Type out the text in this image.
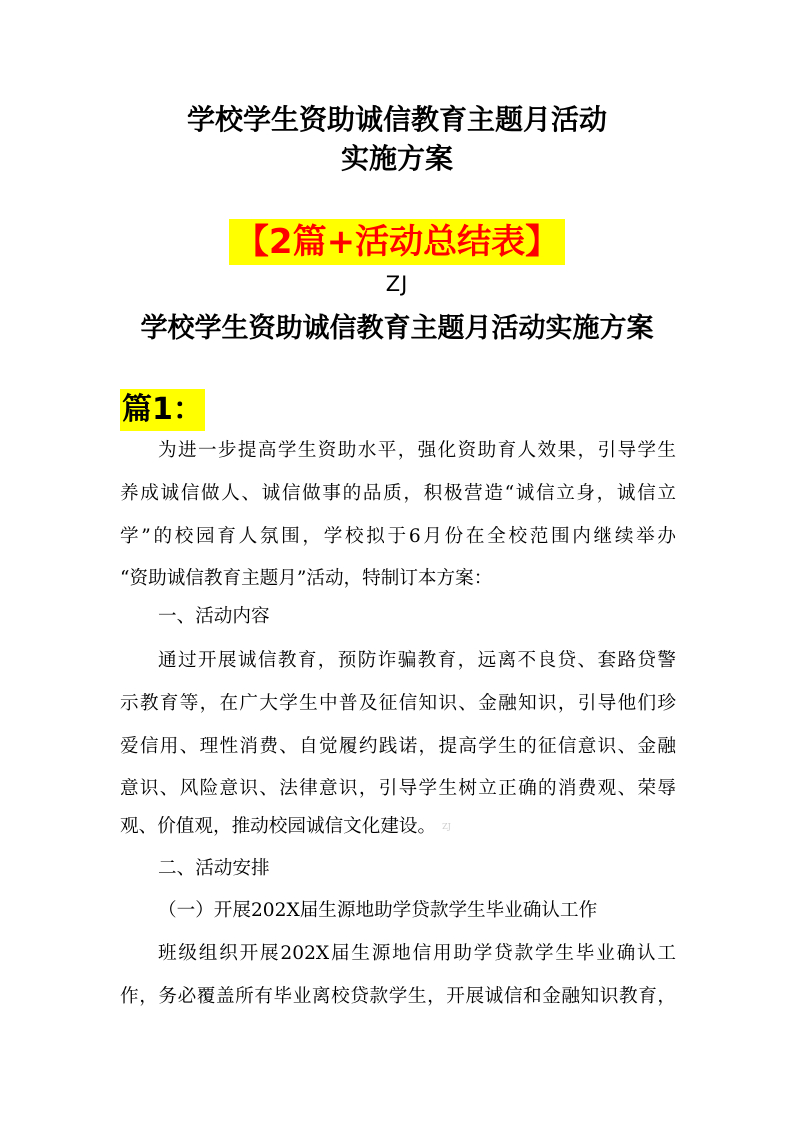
学校学生资助诚信教育主题月活动
实施方案
【2篇+活动总结表】
ZJ
学校学生资助诚信教育主题月活动实施方案
篇1：
为进一步提高学生资助水平，强化资助育人效果，引导学生
养成诚信做人、诚信做事的品质，积极营造“诚信立身，诚信立
学”的校园育人氛围，学校拟于6月份在全校范围内继续举办
“资助诚信教育主题月”活动，特制订本方案：
一、活动内容
通过开展诚信教育，预防诈骗教育，远离不良贷、套路贷警
示教育等，在广大学生中普及征信知识、金融知识，引导他们珍
爱信用、理性消费、自觉履约践诺，提高学生的征信意识、金融
意识、风险意识、法律意识，引导学生树立正确的消费观、荣辱
观、价值观，推动校园诚信文化建设。 ZJ
二、活动安排
（一）开展202X届生源地助学贷款学生毕业确认工作
班级组织开展202X届生源地信用助学贷款学生毕业确认工
作，务必覆盖所有毕业离校贷款学生，开展诚信和金融知识教育，
